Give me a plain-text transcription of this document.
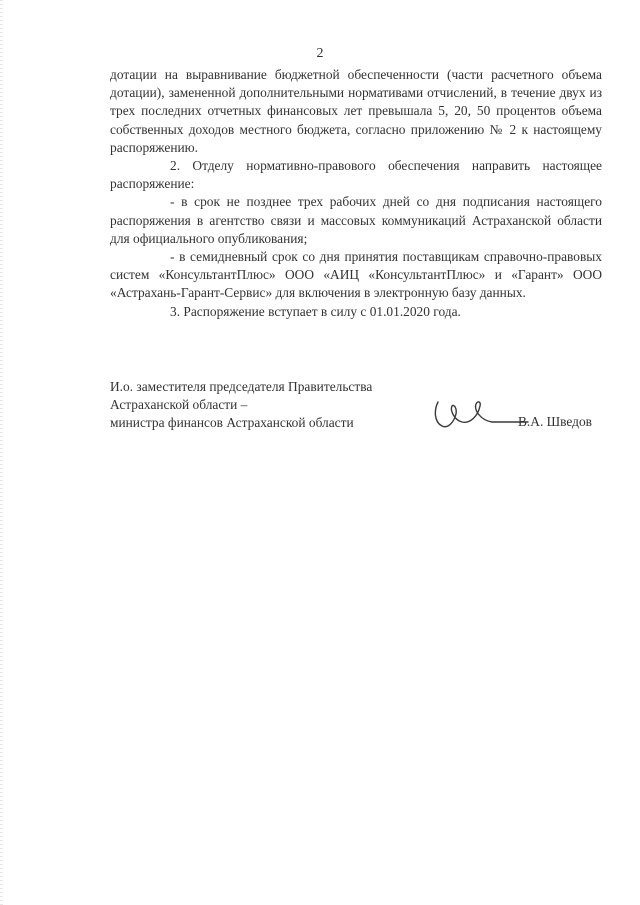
2

дотации на выравнивание бюджетной обеспеченности (части расчетного объема дотации), замененной дополнительными нормативами отчислений, в течение двух из трех последних отчетных финансовых лет превышала 5, 20, 50 процентов объема собственных доходов местного бюджета, согласно приложению № 2 к настоящему распоряжению.

2. Отделу нормативно-правового обеспечения направить настоящее распоряжение:

- в срок не позднее трех рабочих дней со дня подписания настоящего распоряжения в агентство связи и массовых коммуникаций Астраханской области для официального опубликования;

- в семидневный срок со дня принятия поставщикам справочно-правовых систем «КонсультантПлюс» ООО «АИЦ «КонсультантПлюс» и «Гарант» ООО «Астрахань-Гарант-Сервис» для включения в электронную базу данных.

3. Распоряжение вступает в силу с 01.01.2020 года.

И.о. заместителя председателя Правительства
Астраханской области –
министра финансов Астраханской области	В.А. Шведов
